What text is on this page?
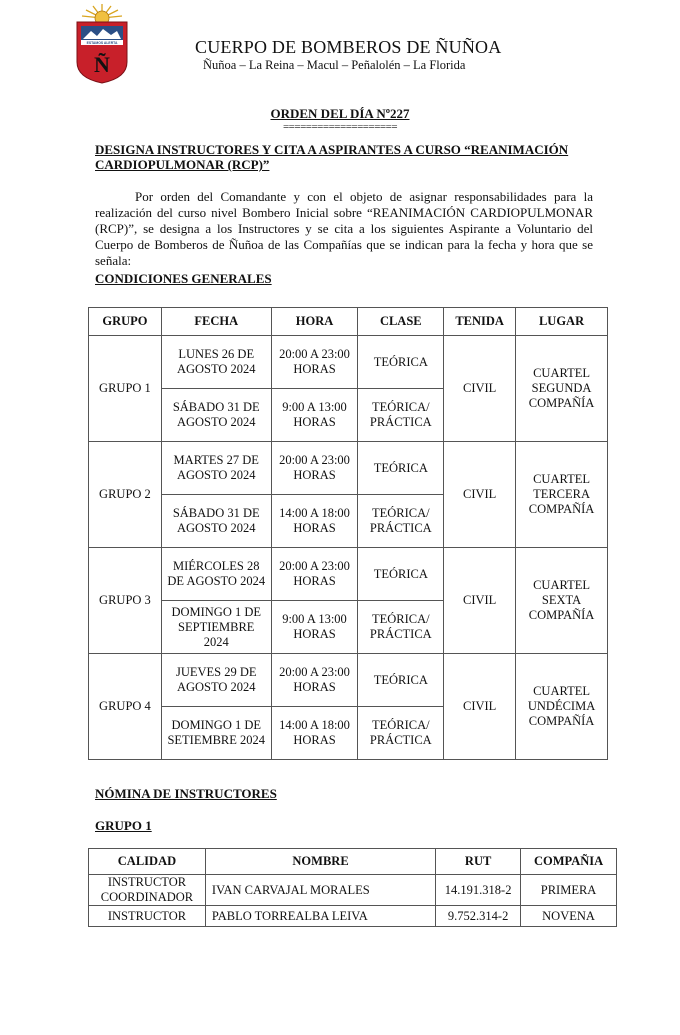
ESTAMOS ALERTA
Ñ
CUERPO DE BOMBEROS DE ÑUÑOA
Ñuñoa – La Reina – Macul – Peñalolén – La Florida
ORDEN DEL DÍA Nº227
====================
DESIGNA INSTRUCTORES Y CITA A ASPIRANTES A CURSO “REANIMACIÓN CARDIOPULMONAR (RCP)”

Por orden del Comandante y con el objeto de asignar responsabilidades para la realización del curso nivel Bombero Inicial sobre “REANIMACIÓN CARDIOPULMONAR (RCP)”, se designa a los Instructores y se cita a los siguientes Aspirante a Voluntario del Cuerpo de Bomberos de Ñuñoa de las Compañías que se indican para la fecha y hora que se señala:

CONDICIONES GENERALES
GRUPO	FECHA	HORA	CLASE	TENIDA	LUGAR
GRUPO 1	LUNES 26 DE AGOSTO 2024	20:00 A 23:00 HORAS	TEÓRICA	CIVIL	CUARTEL SEGUNDA COMPAÑÍA
	SÁBADO 31 DE AGOSTO 2024	9:00 A 13:00 HORAS	TEÓRICA/ PRÁCTICA		
GRUPO 2	MARTES 27 DE AGOSTO 2024	20:00 A 23:00 HORAS	TEÓRICA	CIVIL	CUARTEL TERCERA COMPAÑÍA
	SÁBADO 31 DE AGOSTO 2024	14:00 A 18:00 HORAS	TEÓRICA/ PRÁCTICA		
GRUPO 3	MIÉRCOLES 28 DE AGOSTO 2024	20:00 A 23:00 HORAS	TEÓRICA	CIVIL	CUARTEL SEXTA COMPAÑÍA
	DOMINGO 1 DE SEPTIEMBRE 2024	9:00 A 13:00 HORAS	TEÓRICA/ PRÁCTICA		
GRUPO 4	JUEVES 29 DE AGOSTO 2024	20:00 A 23:00 HORAS	TEÓRICA	CIVIL	CUARTEL UNDÉCIMA COMPAÑÍA
	DOMINGO 1 DE SETIEMBRE 2024	14:00 A 18:00 HORAS	TEÓRICA/ PRÁCTICA		
NÓMINA DE INSTRUCTORES
GRUPO 1
CALIDAD	NOMBRE	RUT	COMPAÑIA
INSTRUCTOR COORDINADOR	IVAN CARVAJAL MORALES	14.191.318-2	PRIMERA
INSTRUCTOR	PABLO TORREALBA LEIVA	9.752.314-2	NOVENA
